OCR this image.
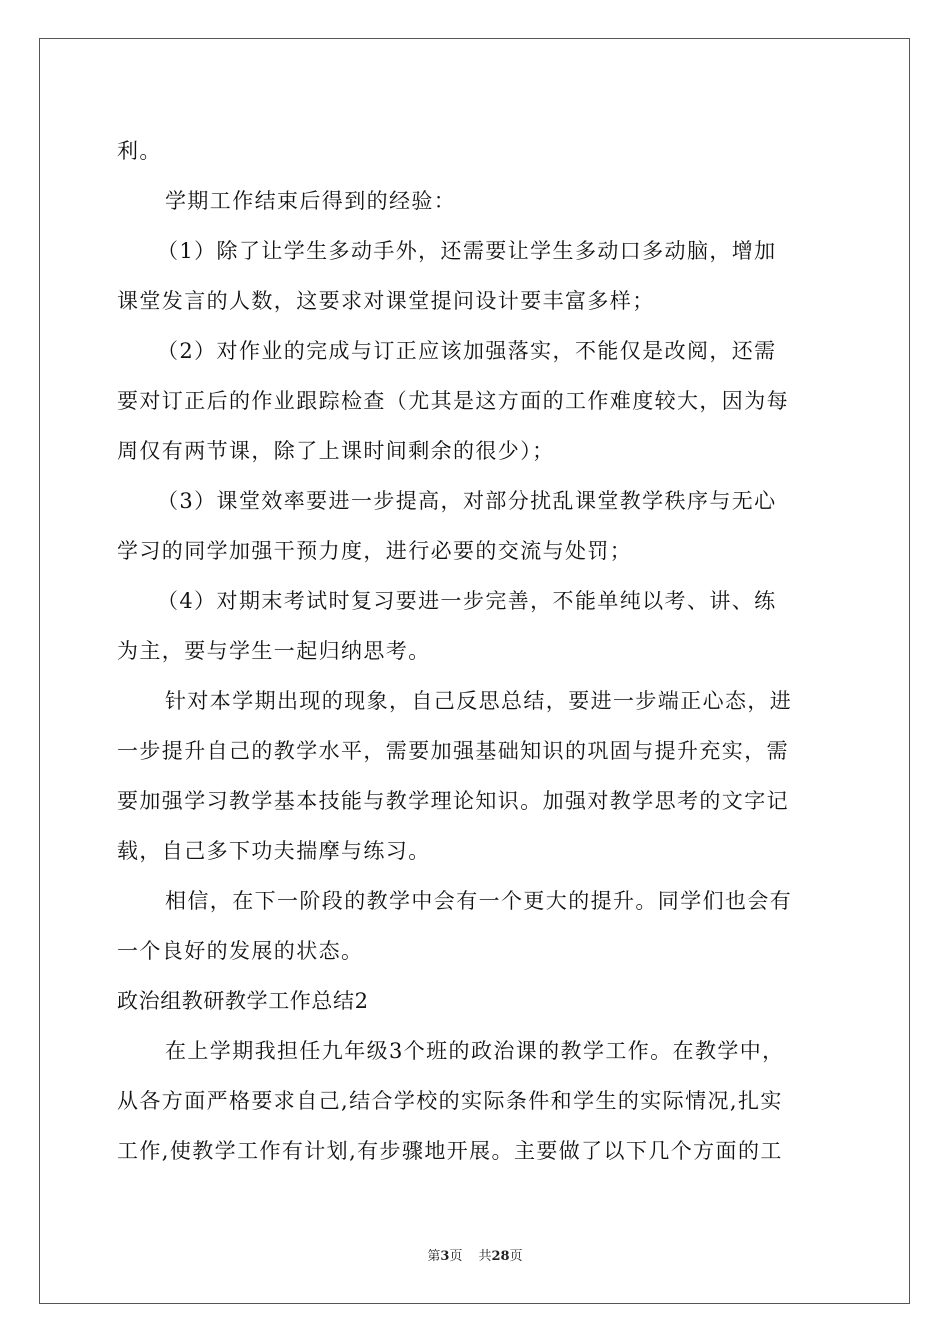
利。
学期工作结束后得到的经验：
（1）除了让学生多动手外，还需要让学生多动口多动脑，增加
课堂发言的人数，这要求对课堂提问设计要丰富多样；
（2）对作业的完成与订正应该加强落实，不能仅是改阅，还需
要对订正后的作业跟踪检查（尤其是这方面的工作难度较大，因为每
周仅有两节课，除了上课时间剩余的很少）；
（3）课堂效率要进一步提高，对部分扰乱课堂教学秩序与无心
学习的同学加强干预力度，进行必要的交流与处罚；
（4）对期末考试时复习要进一步完善，不能单纯以考、讲、练
为主，要与学生一起归纳思考。
针对本学期出现的现象，自己反思总结，要进一步端正心态，进
一步提升自己的教学水平，需要加强基础知识的巩固与提升充实，需
要加强学习教学基本技能与教学理论知识。加强对教学思考的文字记
载，自己多下功夫揣摩与练习。
相信，在下一阶段的教学中会有一个更大的提升。同学们也会有
一个良好的发展的状态。
政治组教研教学工作总结2
在上学期我担任九年级3个班的政治课的教学工作。在教学中，
从各方面严格要求自己,结合学校的实际条件和学生的实际情况,扎实
工作,使教学工作有计划,有步骤地开展。主要做了以下几个方面的工
第3页 共28页
